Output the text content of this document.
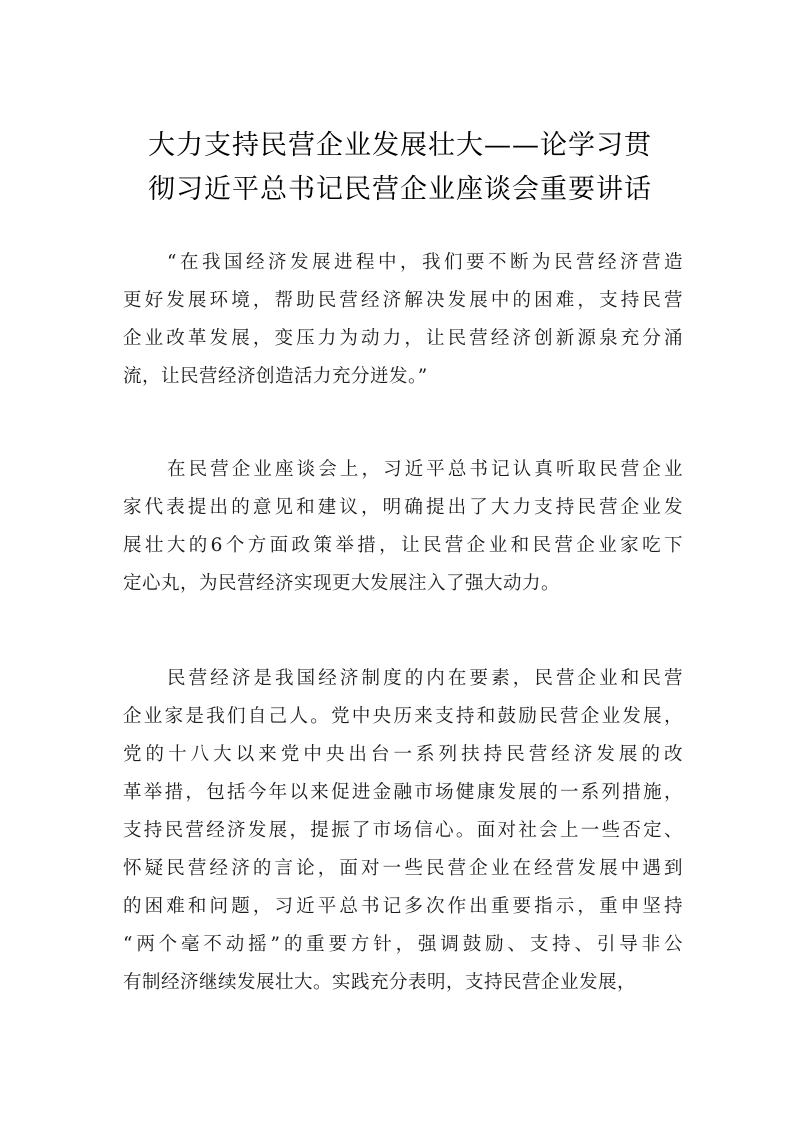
大力支持民营企业发展壮大——论学习贯
彻习近平总书记民营企业座谈会重要讲话
“在我国经济发展进程中，我们要不断为民营经济营造
更好发展环境，帮助民营经济解决发展中的困难，支持民营
企业改革发展，变压力为动力，让民营经济创新源泉充分涌
流，让民营经济创造活力充分迸发。”
在民营企业座谈会上，习近平总书记认真听取民营企业
家代表提出的意见和建议，明确提出了大力支持民营企业发
展壮大的6个方面政策举措，让民营企业和民营企业家吃下
定心丸，为民营经济实现更大发展注入了强大动力。
民营经济是我国经济制度的内在要素，民营企业和民营
企业家是我们自己人。党中央历来支持和鼓励民营企业发展，
党的十八大以来党中央出台一系列扶持民营经济发展的改
革举措，包括今年以来促进金融市场健康发展的一系列措施，
支持民营经济发展，提振了市场信心。面对社会上一些否定、
怀疑民营经济的言论，面对一些民营企业在经营发展中遇到
的困难和问题，习近平总书记多次作出重要指示，重申坚持
“两个毫不动摇”的重要方针，强调鼓励、支持、引导非公
有制经济继续发展壮大。实践充分表明，支持民营企业发展，
